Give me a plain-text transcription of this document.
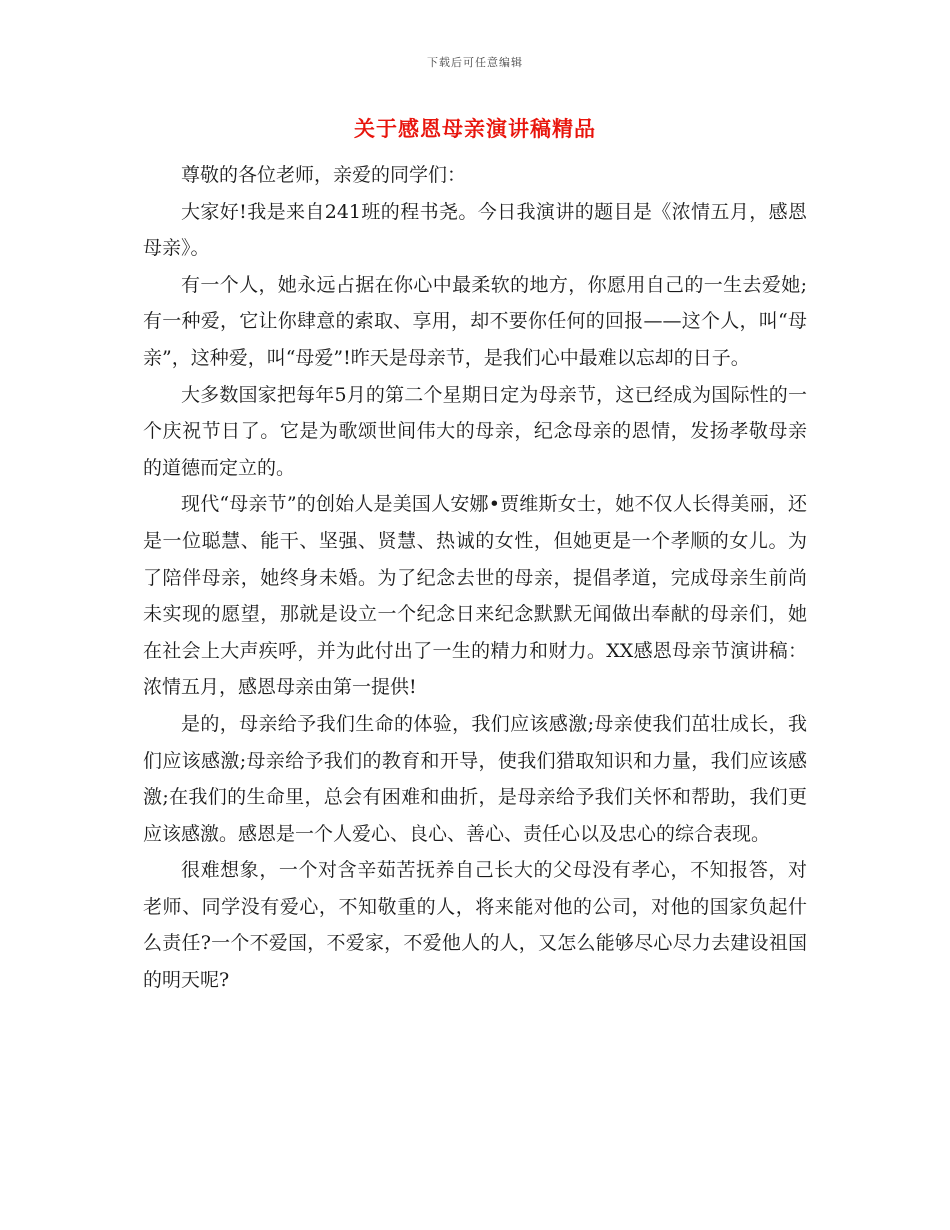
下载后可任意编辑
关于感恩母亲演讲稿精品

尊敬的各位老师，亲爱的同学们：

大家好!我是来自241班的程书尧。今日我演讲的题目是《浓情五月，感恩母亲》。

有一个人，她永远占据在你心中最柔软的地方，你愿用自己的一生去爱她;有一种爱，它让你肆意的索取、享用，却不要你任何的回报——这个人，叫“母亲”，这种爱，叫“母爱”!昨天是母亲节，是我们心中最难以忘却的日子。

大多数国家把每年5月的第二个星期日定为母亲节，这已经成为国际性的一个庆祝节日了。它是为歌颂世间伟大的母亲，纪念母亲的恩情，发扬孝敬母亲的道德而定立的。

现代“母亲节”的创始人是美国人安娜•贾维斯女士，她不仅人长得美丽，还是一位聪慧、能干、坚强、贤慧、热诚的女性，但她更是一个孝顺的女儿。为了陪伴母亲，她终身未婚。为了纪念去世的母亲，提倡孝道，完成母亲生前尚未实现的愿望，那就是设立一个纪念日来纪念默默无闻做出奉献的母亲们，她在社会上大声疾呼，并为此付出了一生的精力和财力。XX感恩母亲节演讲稿：浓情五月，感恩母亲由第一提供!

是的，母亲给予我们生命的体验，我们应该感激;母亲使我们茁壮成长，我们应该感激;母亲给予我们的教育和开导，使我们猎取知识和力量，我们应该感激;在我们的生命里，总会有困难和曲折，是母亲给予我们关怀和帮助，我们更应该感激。感恩是一个人爱心、良心、善心、责任心以及忠心的综合表现。

很难想象，一个对含辛茹苦抚养自己长大的父母没有孝心，不知报答，对老师、同学没有爱心，不知敬重的人，将来能对他的公司，对他的国家负起什么责任?一个不爱国，不爱家，不爱他人的人，又怎么能够尽心尽力去建设祖国的明天呢?
